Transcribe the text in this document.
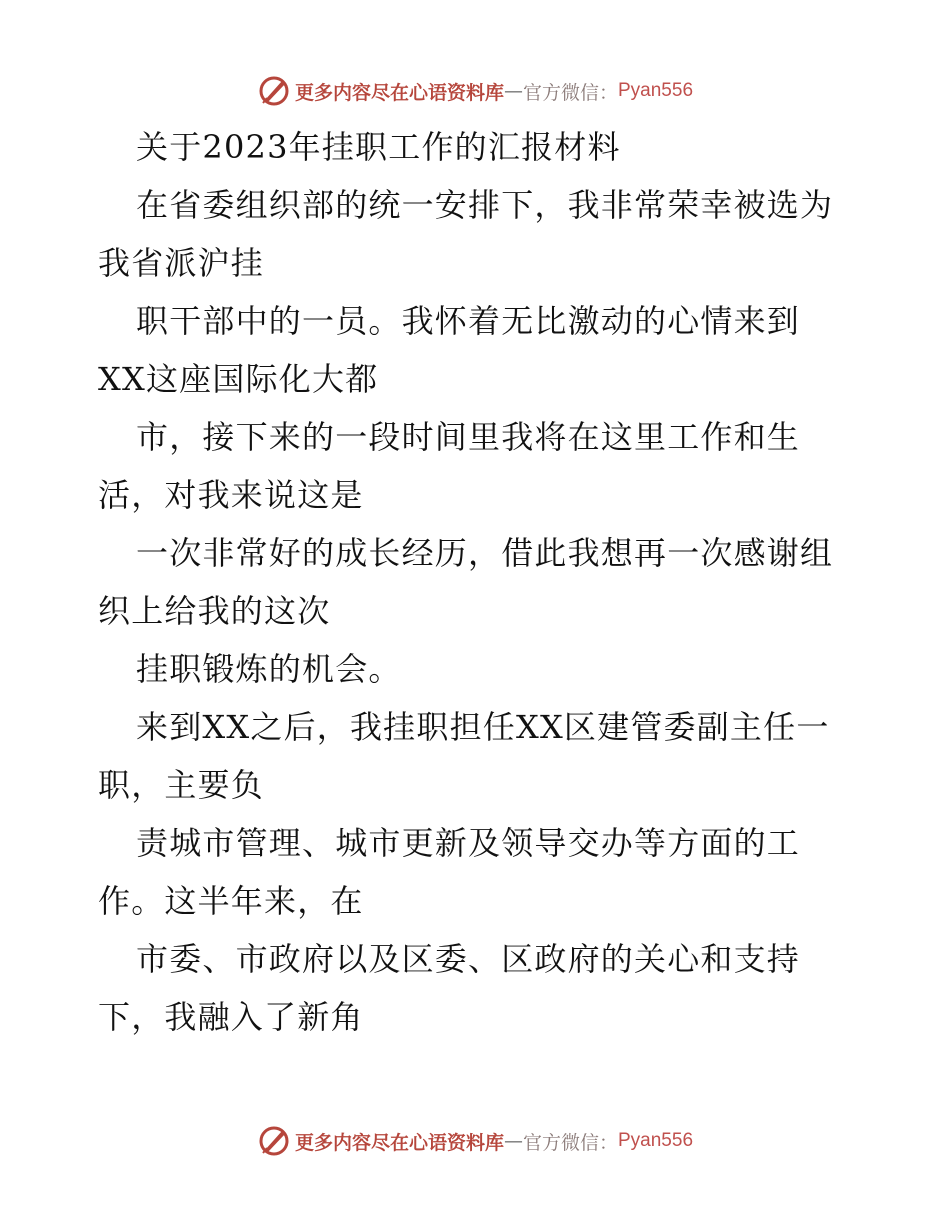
更多内容尽在心语资料库 — 官方微信： Pyan556
关于2023年挂职工作的汇报材料
在省委组织部的统一安排下，我非常荣幸被选为
我省派沪挂
职干部中的一员。我怀着无比激动的心情来到
XX这座国际化大都
市，接下来的一段时间里我将在这里工作和生
活，对我来说这是
一次非常好的成长经历，借此我想再一次感谢组
织上给我的这次
挂职锻炼的机会。
来到XX之后，我挂职担任XX区建管委副主任一
职，主要负
责城市管理、城市更新及领导交办等方面的工
作。这半年来，在
市委、市政府以及区委、区政府的关心和支持
下，我融入了新角
更多内容尽在心语资料库 — 官方微信： Pyan556
